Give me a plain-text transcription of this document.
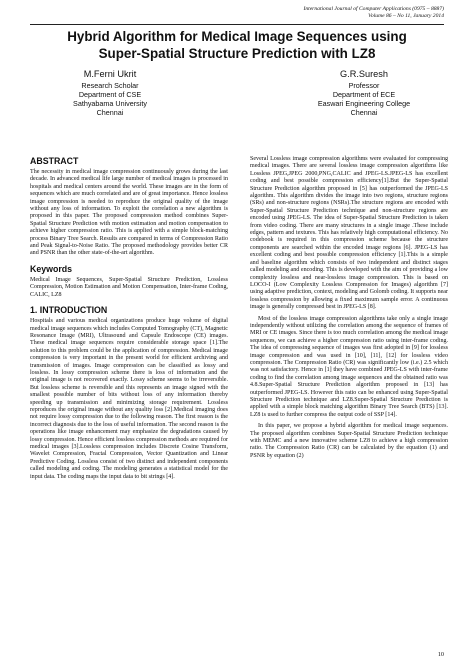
International Journal of Computer Applications (0975 – 8887)
Volume 86 – No 11, January 2014
Hybrid Algorithm for Medical Image Sequences using
Super-Spatial Structure Prediction with LZ8
M.Ferni Ukrit
Research Scholar
Department of CSE
Sathyabama University
Chennai
G.R.Suresh
Professor
Department of ECE
Easwari Engineering College
Chennai
ABSTRACT

The necessity in medical image compression continuously grows during the last decade. In advanced medical life large number of medical images is processed in hospitals and medical centers around the world. These images are in the form of sequences which are much correlated and are of great importance. Hence lossless image compression is needed to reproduce the original quality of the image without any loss of information. To exploit the correlation a new algorithm is proposed in this paper. The proposed compression method combines Super-Spatial Structure Prediction with motion estimation and motion compensation to achieve higher compression ratio. This is applied with a simple block-matching process Binary Tree Search. Results are compared in terms of Compression Ratio and Peak Signal-to-Noise Ratio. The proposed methodology provides better CR and PSNR than the other state-of-the-art algorithm.

Keywords

Medical Image Sequences, Super-Spatial Structure Prediction, Lossless Compression, Motion Estimation and Motion Compensation, Inter-frame Coding, CALIC, LZ8

1. INTRODUCTION

Hospitals and various medical organizations produce huge volume of digital medical image sequences which includes Computed Tomography (CT), Magnetic Resonance Image (MRI), Ultrasound and Capsule Endoscope (CE) images. These medical image sequences require considerable storage space [1].The solution to this problem could be the application of compression. Medical image compression is very important in the present world for efficient archiving and transmission of images. Image compression can be classified as lossy and lossless. In lossy compression scheme there is loss of information and the original image is not recovered exactly. Lossy scheme seems to be irreversible. But lossless scheme is reversible and this represents an image signed with the smallest possible number of bits without loss of any information thereby speeding up transmission and minimizing storage requirement. Lossless reproduces the original image without any quality loss [2].Medical imaging does not require lossy compression due to the following reason. The first reason is the incorrect diagnosis due to the loss of useful information. The second reason is the operations like image enhancement may emphasize the degradations caused by lossy compression. Hence efficient lossless compression methods are required for medical images [3].Lossless compression includes Discrete Cosine Transform, Wavelet Compression, Fractal Compression, Vector Quantization and Linear Predictive Coding. Lossless consist of two distinct and independent components called modeling and coding. The modeling generates a statistical model for the input data. The coding maps the input data to bit strings [4].

Several Lossless image compression algorithms were evaluated for compressing medical images. There are several lossless image compression algorithms like Lossless JPEG,JPEG 2000,PNG,CALIC and JPEG-LS.JPEG-LS has excellent coding and best possible compression efficiency[1].But the Super-Spatial Structure Prediction algorithm proposed in [5] has outperformed the JPEG-LS algorithm. This algorithm divides the image into two regions, structure regions (SRs) and non-structure regions (NSRs).The structure regions are encoded with Super-Spatial Structure Prediction technique and non-structure regions are encoded using JPEG-LS. The idea of Super-Spatial Structure Prediction is taken from video coding. There are many structures in a single image .These include edges, pattern and textures. This has relatively high computational efficiency. No codebook is required in this compression scheme because the structure components are searched within the encoded image regions [6]. JPEG-LS has excellent coding and best possible compression efficiency [1].This is a simple and baseline algorithm which consists of two independent and distinct stages called modeling and encoding. This is developed with the aim of providing a low complexity lossless and near-lossless image compression. This is based on LOCO-I (Low Complexity Lossless Compression for Images) algorithm [7] using adaptive prediction, context, modeling and Golomb coding. It supports near lossless compression by allowing a fixed maximum sample error. A continuous image is generally compressed best in JPEG-LS [8].

Most of the lossless image compression algorithms take only a single image independently without utilizing the correlation among the sequence of frames of MRI or CE images. Since there is too much correlation among the medical image sequences, we can achieve a higher compression ratio using inter-frame coding. The idea of compressing sequence of images was first adopted in [9] for lossless image compression and was used in [10], [11], [12] for lossless video compression. The Compression Ratio (CR) was significantly low (i.e.) 2.5 which was not satisfactory. Hence in [1] they have combined JPEG-LS with inter-frame coding to find the correlation among image sequences and the obtained ratio was 4.8.Super-Spatial Structure Prediction algorithm proposed in [13] has outperformed JPEG-LS. However this ratio can be enhanced using Super-Spatial Structure Prediction technique and LZ8.Super-Spatial Structure Prediction is applied with a simple block matching algorithm Binary Tree Search (BTS) [13]. LZ8 is used to further compress the output code of SSP [14].

In this paper, we propose a hybrid algorithm for medical image sequences. The proposed algorithm combines Super-Spatial Structure Prediction technique with MEMC and a new innovative scheme LZ8 to achieve a high compression ratio. The Compression Ratio (CR) can be calculated by the equation (1) and PSNR by equation (2)

10
